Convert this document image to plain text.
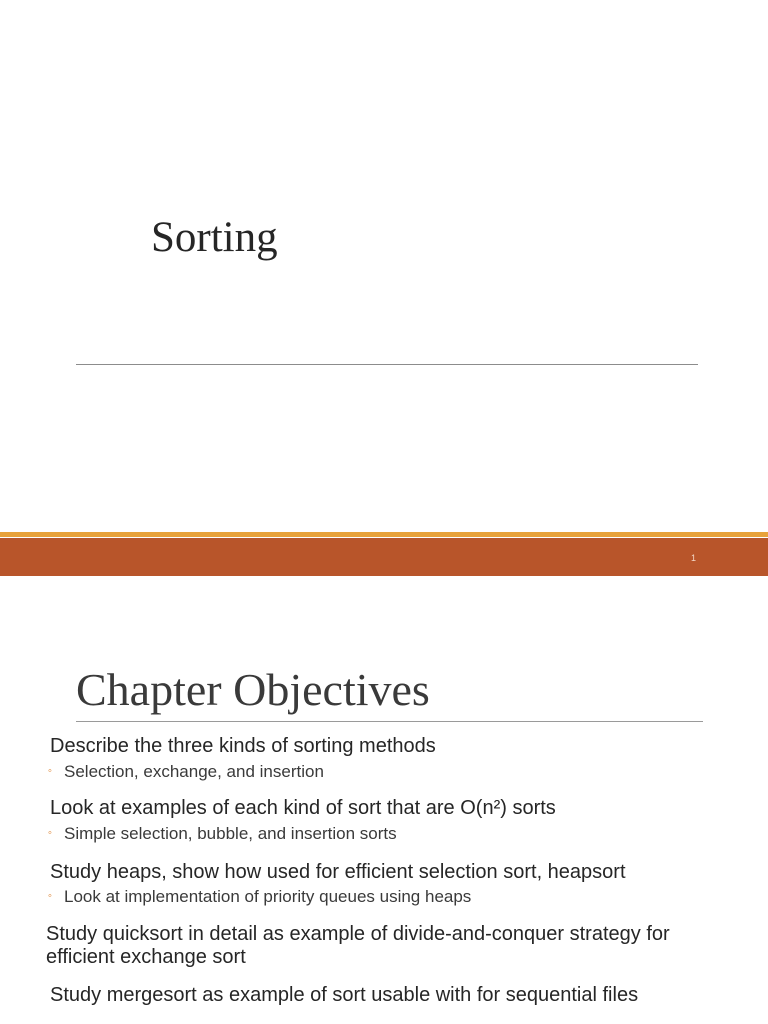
Sorting
1
Chapter Objectives
Describe the three kinds of sorting methods
◦ Selection, exchange, and insertion
Look at examples of each kind of sort that are O(n²) sorts
◦ Simple selection, bubble, and insertion sorts
Study heaps, show how used for efficient selection sort, heapsort
◦ Look at implementation of priority queues using heaps
Study quicksort in detail as example of divide-and-conquer strategy for efficient exchange sort
Study mergesort as example of sort usable with for sequential files
